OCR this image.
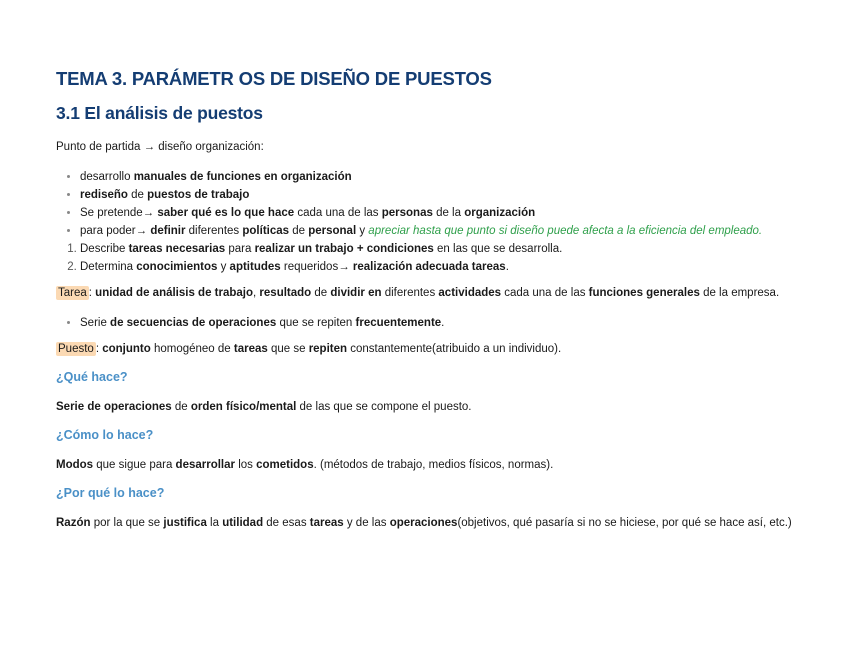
TEMA 3. PARÁMETR OS DE DISEÑO DE PUESTOS
3.1 El análisis de puestos

Punto de partida → diseño organización:

• desarrollo manuales de funciones en organización
• rediseño de puestos de trabajo
• Se pretende→ saber qué es lo que hace cada una de las personas de la organización
• para poder→ definir diferentes políticas de personal y apreciar hasta que punto si diseño puede afecta a la eficiencia del empleado.
1. Describe tareas necesarias para realizar un trabajo + condiciones en las que se desarrolla.
2. Determina conocimientos y aptitudes requeridos→ realización adecuada tareas.

Tarea : unidad de análisis de trabajo, resultado de dividir en diferentes actividades cada una de las funciones generales de la empresa.

• Serie de secuencias de operaciones que se repiten frecuentemente.

Puesto : conjunto homogéneo de tareas que se repiten constantemente(atribuido a un individuo).

¿Qué hace?

Serie de operaciones de orden físico/mental de las que se compone el puesto.

¿Cómo lo hace?

Modos que sigue para desarrollar los cometidos. (métodos de trabajo, medios físicos, normas).

¿Por qué lo hace?

Razón por la que se justifica la utilidad de esas tareas y de las operaciones(objetivos, qué pasaría si no se hiciese, por qué se hace así, etc.)
